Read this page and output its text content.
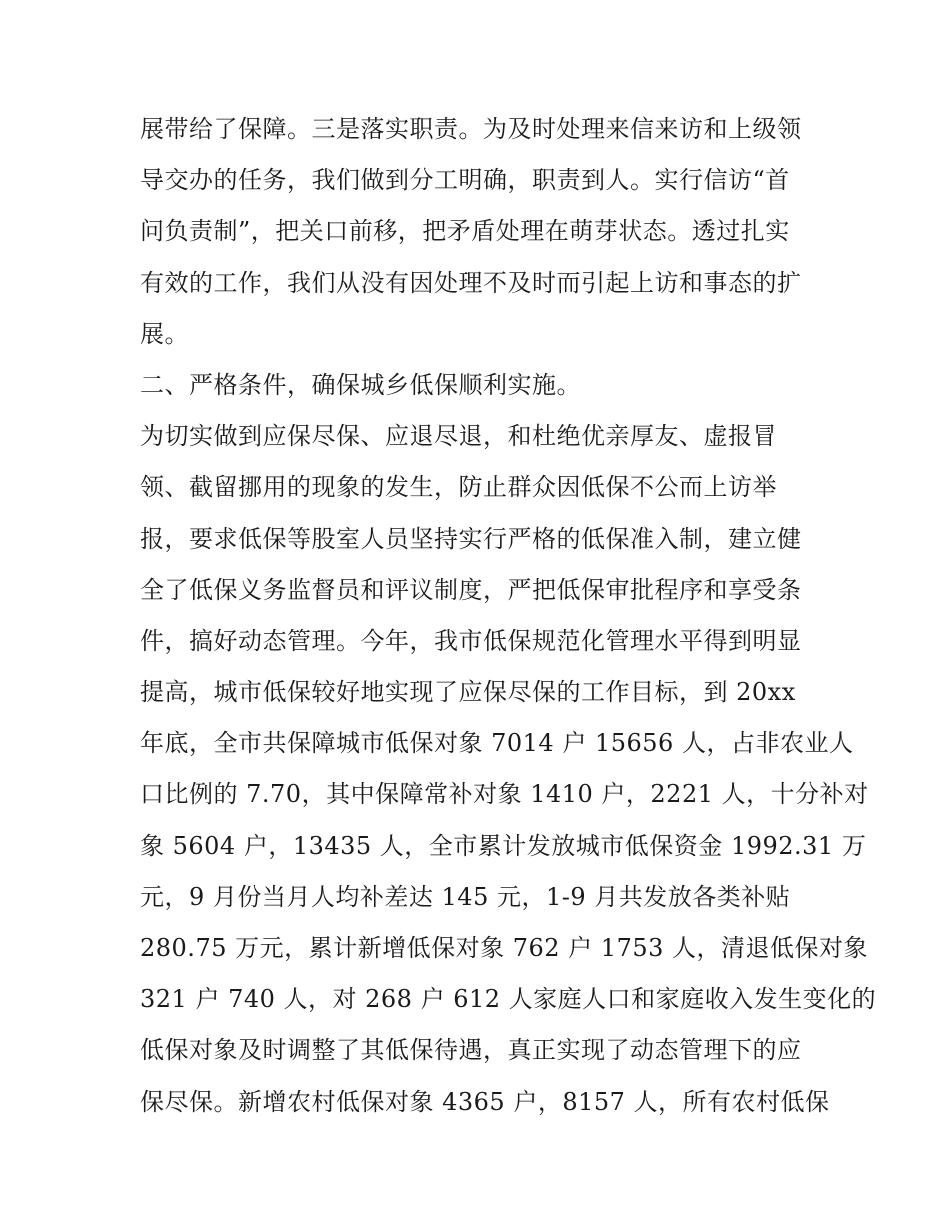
展带给了保障。三是落实职责。为及时处理来信来访和上级领
导交办的任务，我们做到分工明确，职责到人。实行信访“首
问负责制”，把关口前移，把矛盾处理在萌芽状态。透过扎实
有效的工作，我们从没有因处理不及时而引起上访和事态的扩
展。
二、严格条件，确保城乡低保顺利实施。
为切实做到应保尽保、应退尽退，和杜绝优亲厚友、虚报冒
领、截留挪用的现象的发生，防止群众因低保不公而上访举
报，要求低保等股室人员坚持实行严格的低保准入制，建立健
全了低保义务监督员和评议制度，严把低保审批程序和享受条
件，搞好动态管理。今年，我市低保规范化管理水平得到明显
提高，城市低保较好地实现了应保尽保的工作目标，到 20xx
年底，全市共保障城市低保对象 7014 户 15656 人，占非农业人
口比例的 7.70，其中保障常补对象 1410 户，2221 人，十分补对
象 5604 户，13435 人，全市累计发放城市低保资金 1992.31 万
元，9 月份当月人均补差达 145 元，1-9 月共发放各类补贴
280.75 万元，累计新增低保对象 762 户 1753 人，清退低保对象
321 户 740 人，对 268 户 612 人家庭人口和家庭收入发生变化的
低保对象及时调整了其低保待遇，真正实现了动态管理下的应
保尽保。新增农村低保对象 4365 户，8157 人，所有农村低保
